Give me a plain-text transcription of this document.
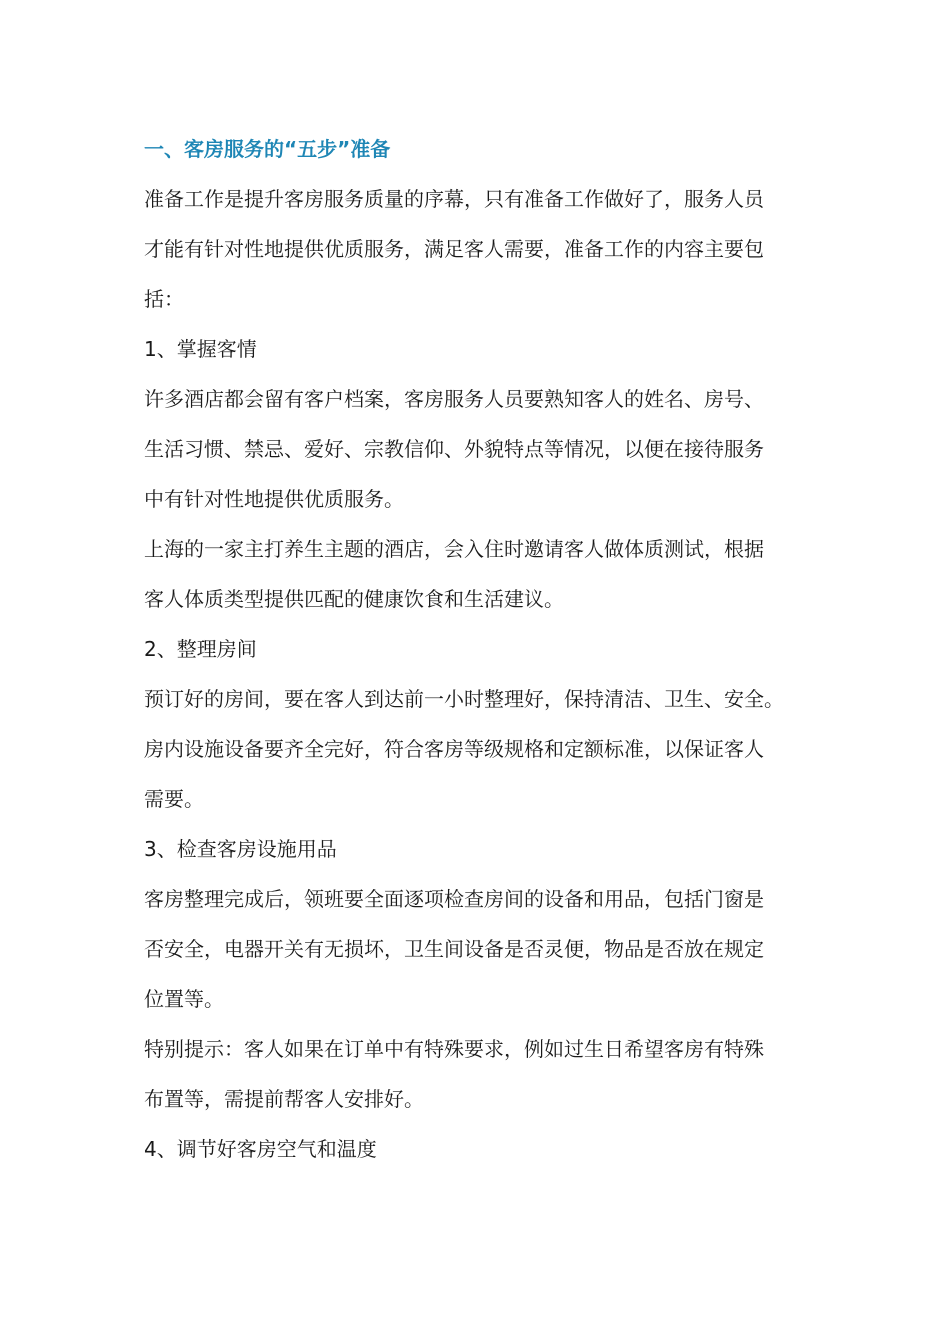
一、客房服务的“五步”准备

准备工作是提升客房服务质量的序幕，只有准备工作做好了，服务人员

才能有针对性地提供优质服务，满足客人需要，准备工作的内容主要包

括：

1、掌握客情

许多酒店都会留有客户档案，客房服务人员要熟知客人的姓名、房号、

生活习惯、禁忌、爱好、宗教信仰、外貌特点等情况，以便在接待服务

中有针对性地提供优质服务。

上海的一家主打养生主题的酒店，会入住时邀请客人做体质测试，根据

客人体质类型提供匹配的健康饮食和生活建议。

2、整理房间

预订好的房间，要在客人到达前一小时整理好，保持清洁、卫生、安全。

房内设施设备要齐全完好，符合客房等级规格和定额标准，以保证客人

需要。

3、检查客房设施用品

客房整理完成后，领班要全面逐项检查房间的设备和用品，包括门窗是

否安全，电器开关有无损坏，卫生间设备是否灵便，物品是否放在规定

位置等。

特别提示：客人如果在订单中有特殊要求，例如过生日希望客房有特殊

布置等，需提前帮客人安排好。

4、调节好客房空气和温度
